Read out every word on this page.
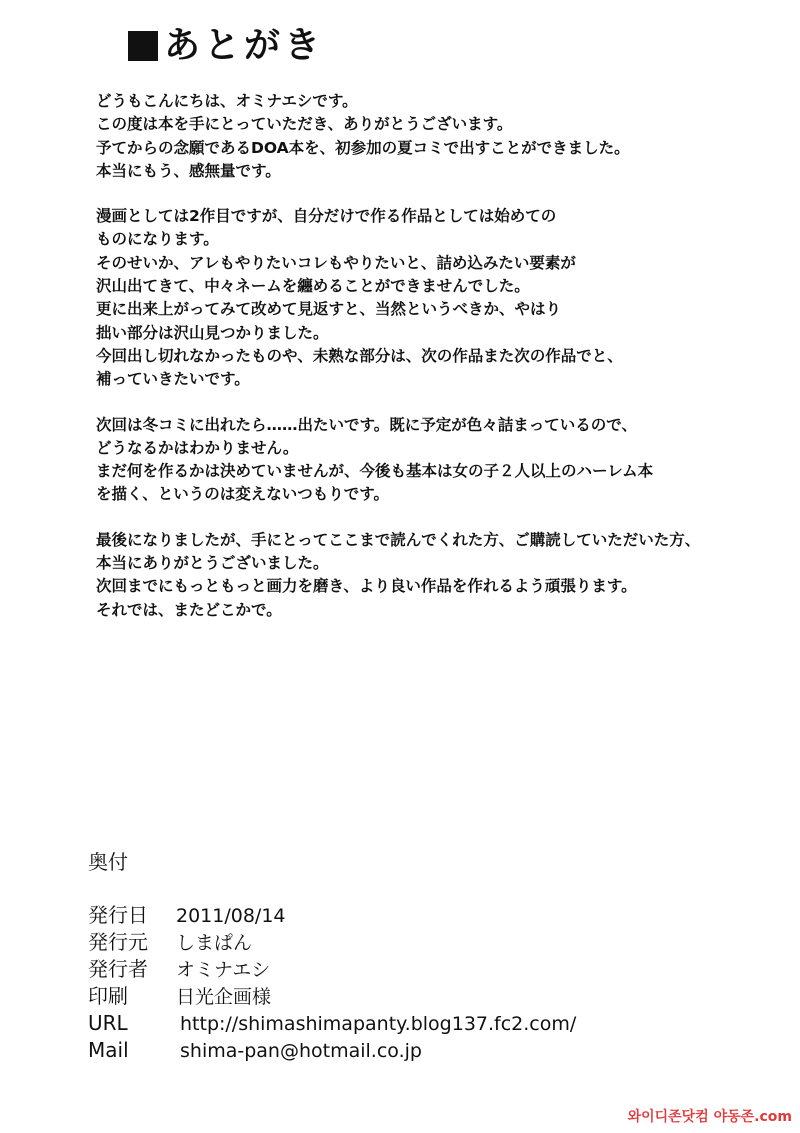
あとがき
どうもこんにちは、オミナエシです。
この度は本を手にとっていただき、ありがとうございます。
予てからの念願であるDOA本を、初参加の夏コミで出すことができました。
本当にもう、感無量です。
漫画としては2作目ですが、自分だけで作る作品としては始めての
ものになります。
そのせいか、アレもやりたいコレもやりたいと、詰め込みたい要素が
沢山出てきて、中々ネームを纏めることができませんでした。
更に出来上がってみて改めて見返すと、当然というべきか、やはり
拙い部分は沢山見つかりました。
今回出し切れなかったものや、未熟な部分は、次の作品また次の作品でと、
補っていきたいです。
次回は冬コミに出れたら……出たいです。既に予定が色々詰まっているので、
どうなるかはわかりません。
まだ何を作るかは決めていませんが、今後も基本は女の子２人以上のハーレム本
を描く、というのは変えないつもりです。
最後になりましたが、手にとってここまで読んでくれた方、ご購読していただいた方、
本当にありがとうございました。
次回までにもっともっと画力を磨き、より良い作品を作れるよう頑張ります。
それでは、またどこかで。
奥付
発行日	2011/08/14
発行元	しまぱん
発行者	オミナエシ
印刷	日光企画様
URL	http://shimashimapanty.blog137.fc2.com/
Mail	shima-pan@hotmail.co.jp
와이디존닷컴 야동존.com
